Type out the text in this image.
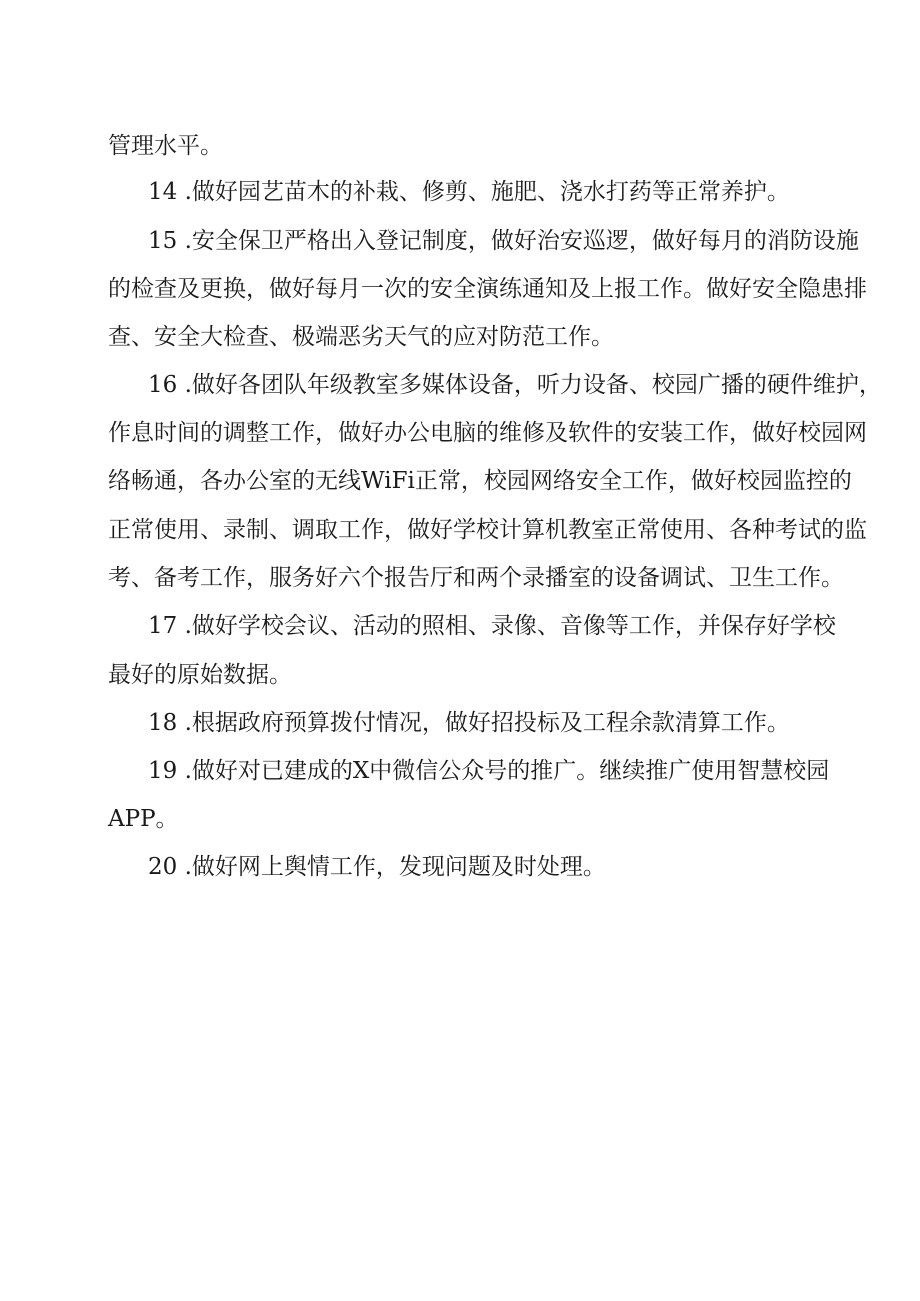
管理水平。
14 .做好园艺苗木的补栽、修剪、施肥、浇水打药等正常养护。
15 .安全保卫严格出入登记制度，做好治安巡逻，做好每月的消防设施
的检查及更换，做好每月一次的安全演练通知及上报工作。做好安全隐患排
查、安全大检查、极端恶劣天气的应对防范工作。
16 .做好各团队年级教室多媒体设备，听力设备、校园广播的硬件维护，
作息时间的调整工作，做好办公电脑的维修及软件的安装工作，做好校园网
络畅通，各办公室的无线WiFi正常，校园网络安全工作，做好校园监控的
正常使用、录制、调取工作，做好学校计算机教室正常使用、各种考试的监
考、备考工作，服务好六个报告厅和两个录播室的设备调试、卫生工作。
17 .做好学校会议、活动的照相、录像、音像等工作，并保存好学校
最好的原始数据。
18 .根据政府预算拨付情况，做好招投标及工程余款清算工作。
19 .做好对已建成的X中微信公众号的推广。继续推广使用智慧校园
APP。
20 .做好网上舆情工作，发现问题及时处理。
